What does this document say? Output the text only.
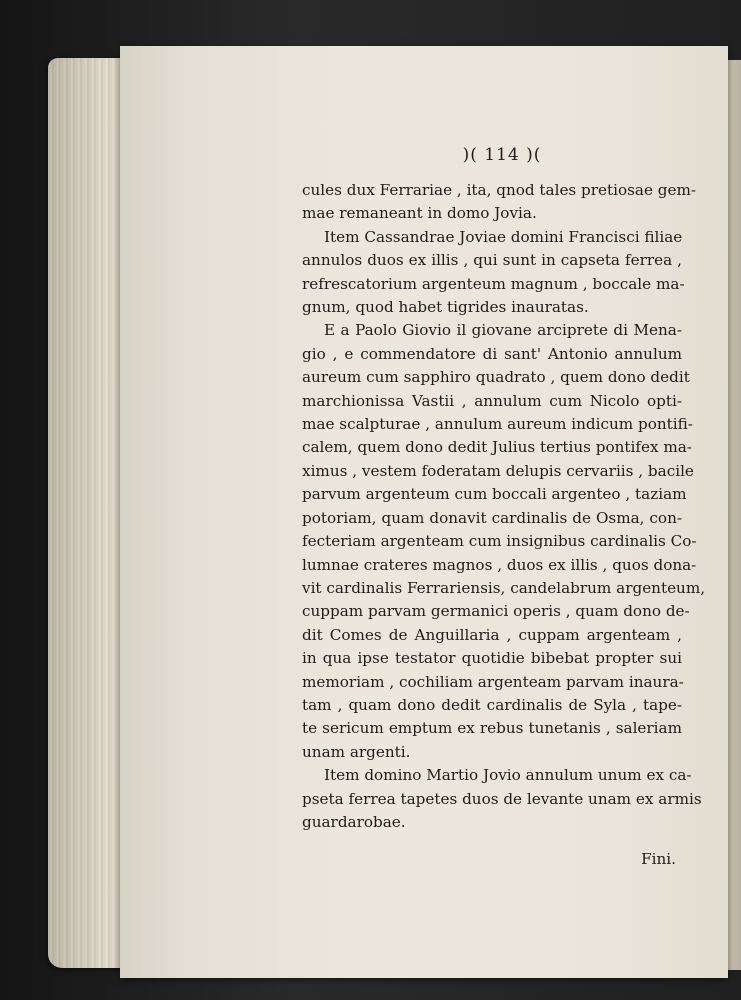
)( 114 )(
cules dux Ferrariae , ita, qnod tales pretiosae gem-
mae remaneant in domo Jovia.
Item Cassandrae Joviae domini Francisci filiae
annulos duos ex illis , qui sunt in capseta ferrea ,
refrescatorium argenteum magnum , boccale ma-
gnum, quod habet tigrides inauratas.
E a Paolo Giovio il giovane arciprete di Mena-
gio , e commendatore di sant' Antonio annulum
aureum cum sapphiro quadrato , quem dono dedit
marchionissa Vastii , annulum cum Nicolo opti-
mae scalpturae , annulum aureum indicum pontifi-
calem, quem dono dedit Julius tertius pontifex ma-
ximus , vestem foderatam delupis cervariis , bacile
parvum argenteum cum boccali argenteo , taziam
potoriam, quam donavit cardinalis de Osma, con-
fecteriam argenteam cum insignibus cardinalis Co-
lumnae crateres magnos , duos ex illis , quos dona-
vit cardinalis Ferrariensis, candelabrum argenteum,
cuppam parvam germanici operis , quam dono de-
dit Comes de Anguillaria , cuppam argenteam ,
in qua ipse testator quotidie bibebat propter sui
memoriam , cochiliam argenteam parvam inaura-
tam , quam dono dedit cardinalis de Syla , tape-
te sericum emptum ex rebus tunetanis , saleriam
unam argenti.
Item domino Martio Jovio annulum unum ex ca-
pseta ferrea tapetes duos de levante unam ex armis
guardarobae.
Fini.
